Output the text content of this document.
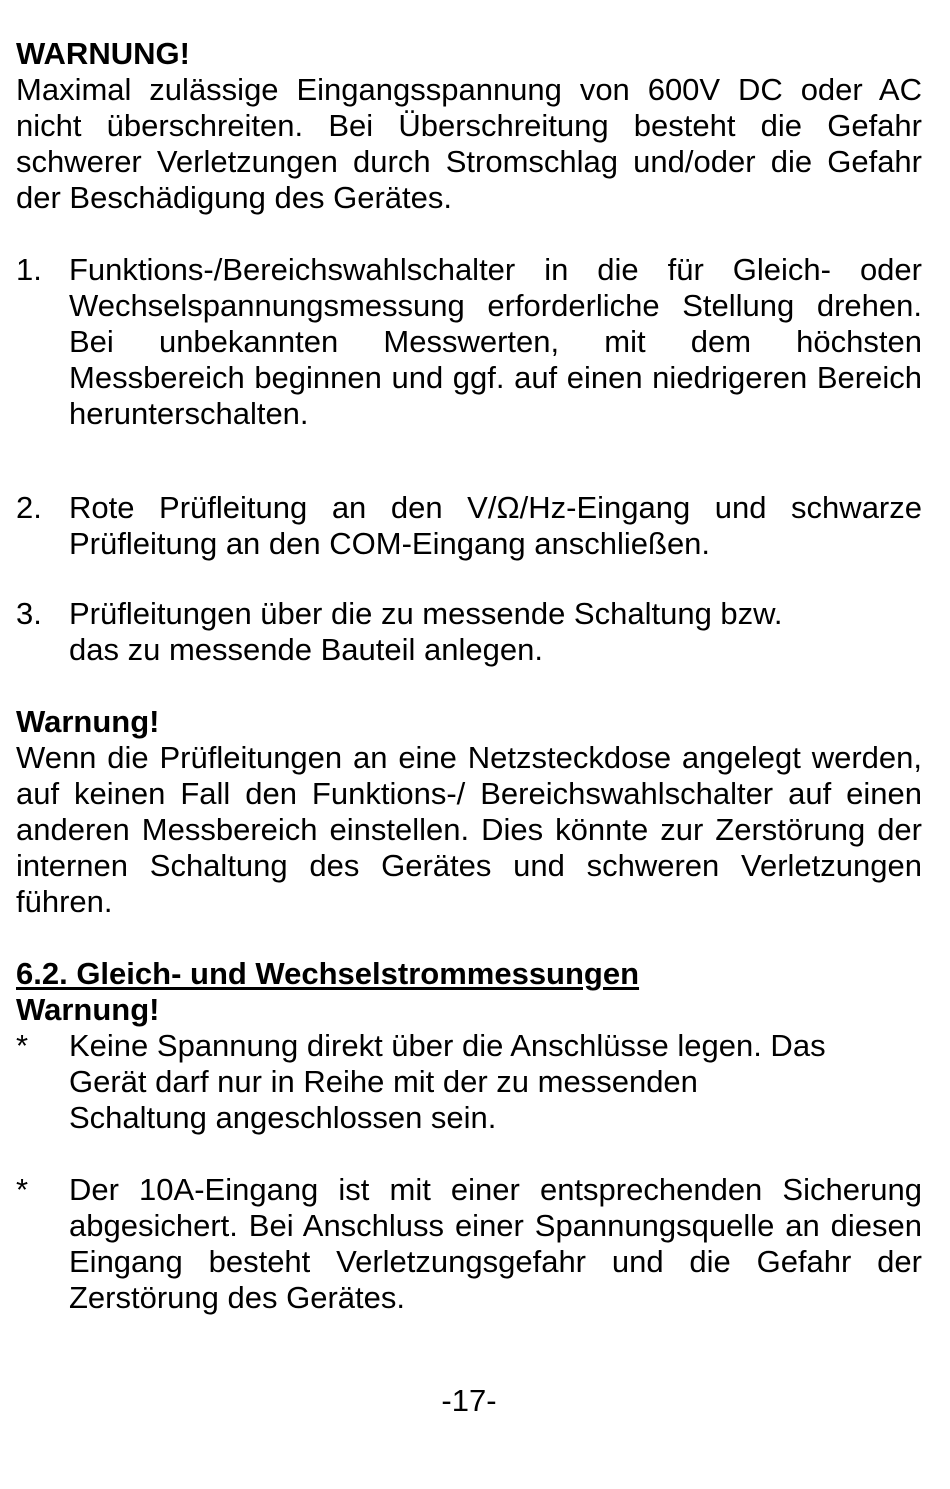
WARNUNG!

Maximal zulässige Eingangsspannung von 600V DC oder AC nicht überschreiten. Bei Überschreitung besteht die Gefahr schwerer Verletzungen durch Stromschlag und/oder die Gefahr der Beschädigung des Gerätes.

1. Funktions-/Bereichswahlschalter in die für Gleich- oder Wechselspannungsmessung erforderliche Stellung drehen. Bei unbekannten Messwerten, mit dem höchsten Messbereich beginnen und ggf. auf einen niedrigeren Bereich herunterschalten.
2. Rote Prüfleitung an den V/Ω/Hz-Eingang und schwarze Prüfleitung an den COM-Eingang anschließen.
3. Prüfleitungen über die zu messende Schaltung bzw.
das zu messende Bauteil anlegen.

Warnung!

Wenn die Prüfleitungen an eine Netzsteckdose angelegt werden, auf keinen Fall den Funktions-/ Bereichswahlschalter auf einen anderen Messbereich einstellen. Dies könnte zur Zerstörung der internen Schaltung des Gerätes und schweren Verletzungen führen.

6.2. Gleich- und Wechselstrommessungen

Warnung!

*	Keine Spannung direkt über die Anschlüsse legen. Das
Gerät darf nur in Reihe mit der zu messenden
Schaltung angeschlossen sein.
*	Der 10A-Eingang ist mit einer entsprechenden Sicherung abgesichert. Bei Anschluss einer Spannungsquelle an diesen Eingang besteht Verletzungsgefahr und die Gefahr der Zerstörung des Gerätes.

-17-
